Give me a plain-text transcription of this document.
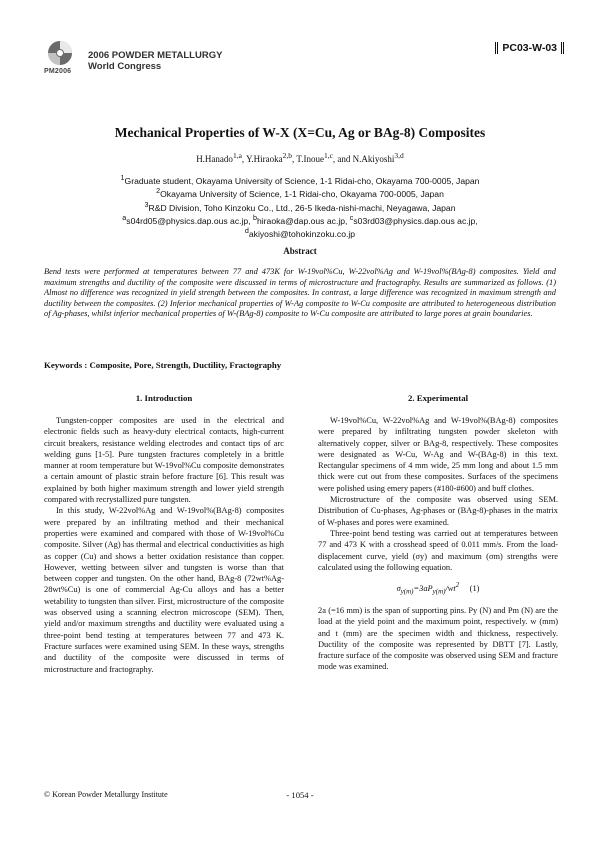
PM2006
2006 POWDER METALLURGY
World Congress
PC03-W-03
Mechanical Properties of W-X (X=Cu, Ag or BAg-8) Composites
H.Hanado$^{1,a}$, Y.Hiraoka$^{2,b}$, T.Inoue$^{1,c}$, and N.Akiyoshi$^{3,d}$
$^1$Graduate student, Okayama University of Science, 1-1 Ridai-cho, Okayama 700-0005, Japan
$^2$Okayama University of Science, 1-1 Ridai-cho, Okayama 700-0005, Japan
$^3$R&D Division, Toho Kinzoku Co., Ltd., 26-5 Ikeda-nishi-machi, Neyagawa, Japan
$^a$s04rd05@physics.dap.ous ac.jp, $^b$hiraoka@dap.ous ac.jp, $^c$s03rd03@physics.dap.ous ac.jp,
$^d$akiyoshi@tohokinzoku.co.jp
Abstract
Bend tests were performed at temperatures between 77 and 473K for W-19vol%Cu, W-22vol%Ag and W-19vol%(BAg-8) composites. Yield and maximum strengths and ductility of the composite were discussed in terms of microstructure and fractography. Results are summarized as follows. (1) Almost no difference was recognized in yield strength between the composites. In contrast, a large difference was recognized in maximum strength and ductility between the composites. (2) Inferior mechanical properties of W-Ag composite to W-Cu composite are attributed to heterogeneous distribution of Ag-phases, whilst inferior mechanical properties of W-(BAg-8) composite to W-Cu composite are attributed to large pores at grain boundaries.
Keywords : Composite, Pore, Strength, Ductility, Fractography
1. Introduction	2. Experimental

Tungsten-copper composites are used in the electrical and electronic fields such as heavy-duty electrical contacts, high-current circuit breakers, resistance welding electrodes and contact tips of arc welding guns [1-5]. Pure tungsten fractures completely in a brittle manner at room temperature but W-19vol%Cu composite demonstrates a certain amount of plastic strain before fracture [6]. This result was explained by both higher maximum strength and lower yield strength compared with recrystallized pure tungsten.

In this study, W-22vol%Ag and W-19vol%(BAg-8) composites were prepared by an infiltrating method and their mechanical properties were examined and compared with those of W-19vol%Cu composite. Silver (Ag) has thermal and electrical conductivities as high as copper (Cu) and shows a better oxidation resistance than copper. However, wetting between silver and tungsten is worse than that between copper and tungsten. On the other hand, BAg-8 (72wt%Ag-28wt%Cu) is one of commercial Ag-Cu alloys and has a better wetability to tungsten than silver. First, microstructure of the composite was observed using a scanning electron microscope (SEM). Then, yield and/or maximum strengths and ductility were evaluated using a three-point bend testing at temperatures between 77 and 473 K. Fracture surfaces were examined using SEM. In these ways, strengths and ductility of the composite were discussed in terms of microstructure and fractography.

W-19vol%Cu, W-22vol%Ag and W-19vol%(BAg-8) composites were prepared by infiltrating tungsten powder skeleton with alternatively copper, silver or BAg-8, respectively. These composites were designated as W-Cu, W-Ag and W-(BAg-8) in this text. Rectangular specimens of 4 mm wide, 25 mm long and about 1.5 mm thick were cut out from these composites. Surfaces of the specimens were polished using emery papers (#180-#600) and buff clothes.

Microstructure of the composite was observed using SEM. Distribution of Cu-phases, Ag-phases or (BAg-8)-phases in the matrix of W-phases and pores were examined.

Three-point bend testing was carried out at temperatures between 77 and 473 K with a crosshead speed of 0.011 mm/s. From the load-displacement curve, yield (σy) and maximum (σm) strengths were calculated using the following equation.

$\sigma_{y(m)}=3aP_{y(m)}/wt^2$ (1)

2a (=16 mm) is the span of supporting pins. Py (N) and Pm (N) are the load at the yield point and the maximum point, respectively. w (mm) and t (mm) are the specimen width and thickness, respectively. Ductility of the composite was represented by DBTT [7]. Lastly, fracture surface of the composite was observed using SEM and fracture mode was examined.

© Korean Powder Metallurgy Institute	- 1054 -
